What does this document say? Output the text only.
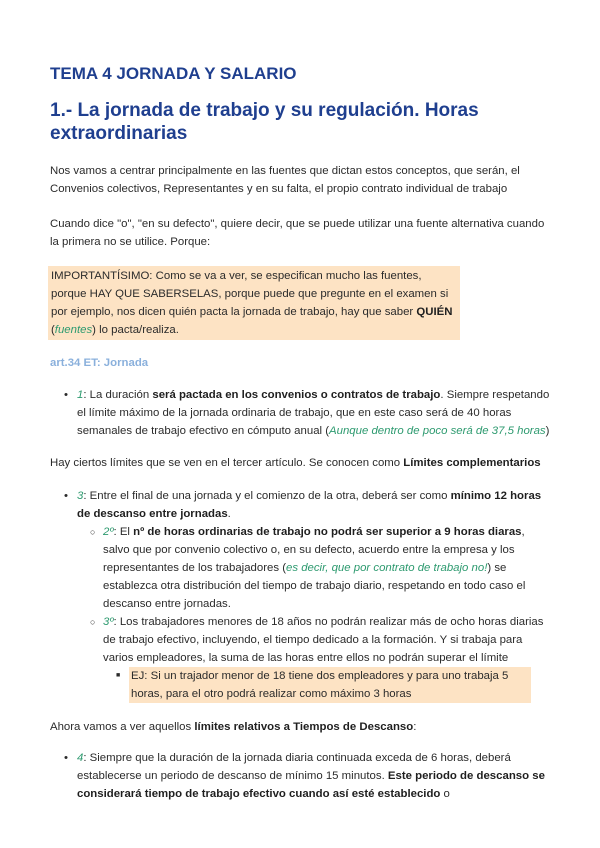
TEMA 4 JORNADA Y SALARIO
1.- La jornada de trabajo y su regulación. Horas extraordinarias

Nos vamos a centrar principalmente en las fuentes que dictan estos conceptos, que serán, el Convenios colectivos, Representantes y en su falta, el propio contrato individual de trabajo

Cuando dice "o", "en su defecto", quiere decir, que se puede utilizar una fuente alternativa cuando la primera no se utilice. Porque:

IMPORTANTÍSIMO: Como se va a ver, se especifican mucho las fuentes, porque HAY QUE SABERSELAS, porque puede que pregunte en el examen si por ejemplo, nos dicen quién pacta la jornada de trabajo, hay que saber QUIÉN (fuentes) lo pacta/realiza.

art.34 ET: Jornada

• 1: La duración será pactada en los convenios o contratos de trabajo. Siempre respetando el límite máximo de la jornada ordinaria de trabajo, que en este caso será de 40 horas semanales de trabajo efectivo en cómputo anual (Aunque dentro de poco será de 37,5 horas)

Hay ciertos límites que se ven en el tercer artículo. Se conocen como Límites complementarios

• 3: Entre el final de una jornada y el comienzo de la otra, deberá ser como mínimo 12 horas de descanso entre jornadas.
○ 2º: El nº de horas ordinarias de trabajo no podrá ser superior a 9 horas diaras, salvo que por convenio colectivo o, en su defecto, acuerdo entre la empresa y los representantes de los trabajadores (es decir, que por contrato de trabajo no!) se establezca otra distribución del tiempo de trabajo diario, respetando en todo caso el descanso entre jornadas.
○ 3º: Los trabajadores menores de 18 años no podrán realizar más de ocho horas diarias de trabajo efectivo, incluyendo, el tiempo dedicado a la formación. Y si trabaja para varios empleadores, la suma de las horas entre ellos no podrán superar el límite
■ EJ: Si un trajador menor de 18 tiene dos empleadores y para uno trabaja 5 horas, para el otro podrá realizar como máximo 3 horas

Ahora vamos a ver aquellos límites relativos a Tiempos de Descanso:

• 4: Siempre que la duración de la jornada diaria continuada exceda de 6 horas, deberá establecerse un periodo de descanso de mínimo 15 minutos. Este periodo de descanso se considerará tiempo de trabajo efectivo cuando así esté establecido o
